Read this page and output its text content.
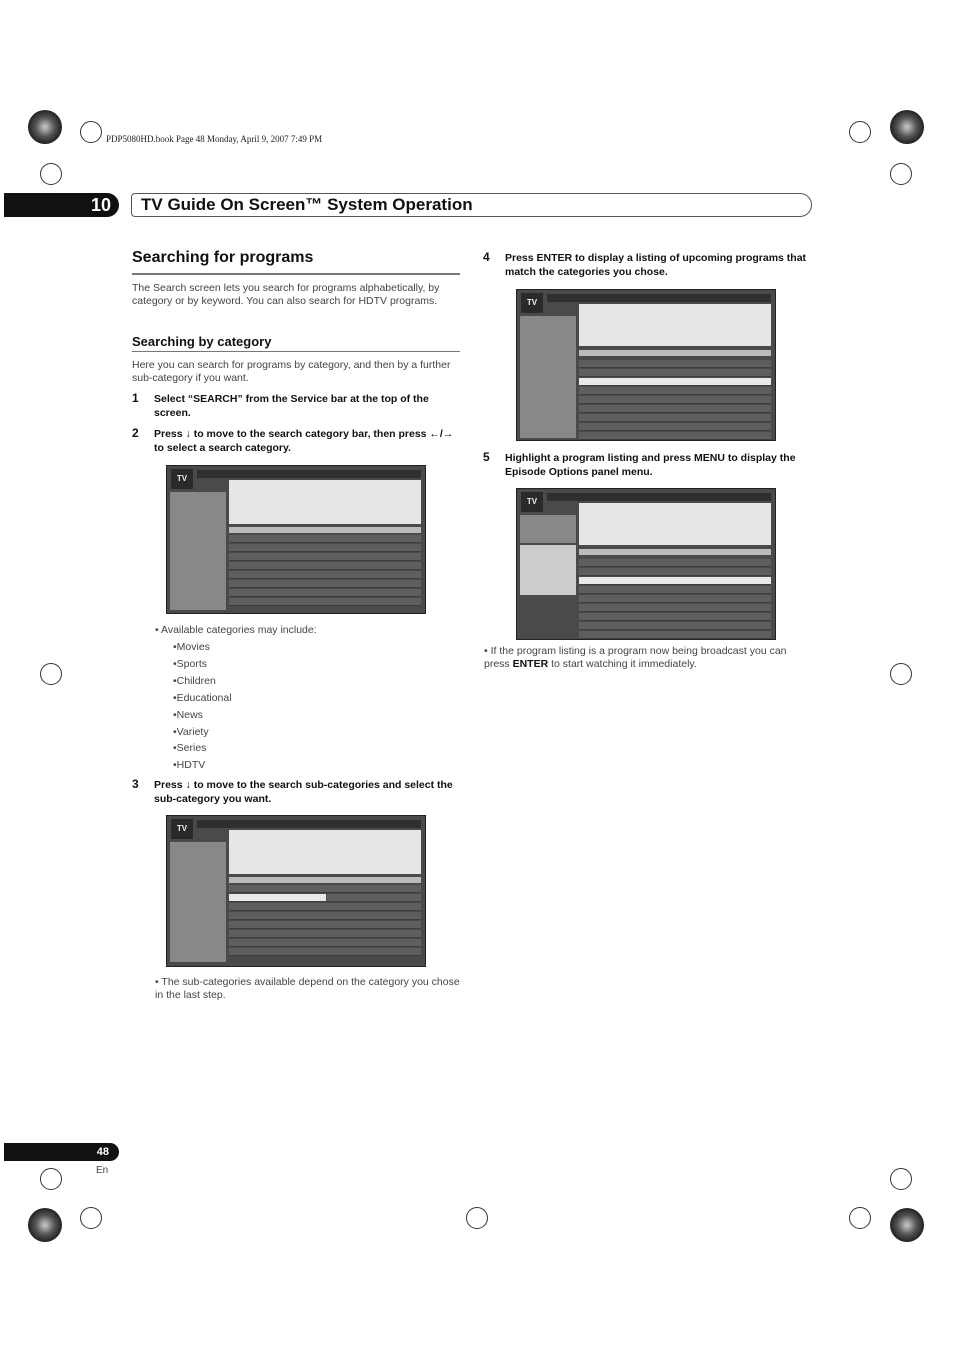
PDP5080HD.book Page 48 Monday, April 9, 2007 7:49 PM
10	TV Guide On Screen™ System Operation
Searching for programs
The Search screen lets you search for programs alphabetically, by category or by keyword. You can also search for HDTV programs.
Searching by category
Here you can search for programs by category, and then by a further sub-category if you want.
1 Select “SEARCH” from the Service bar at the top of the screen.
2 Press ↓ to move to the search category bar, then press ←/→ to select a search category.
TV
• Available categories may include:
•Movies
•Sports
•Children
•Educational
•News
•Variety
•Series
•HDTV
3 Press ↓ to move to the search sub-categories and select the sub-category you want.
TV
• The sub-categories available depend on the category you chose in the last step.
4 Press ENTER to display a listing of upcoming programs that match the categories you chose.
TV
5 Highlight a program listing and press MENU to display the Episode Options panel menu.
TV
• If the program listing is a program now being broadcast you can press ENTER to start watching it immediately.
48
En
